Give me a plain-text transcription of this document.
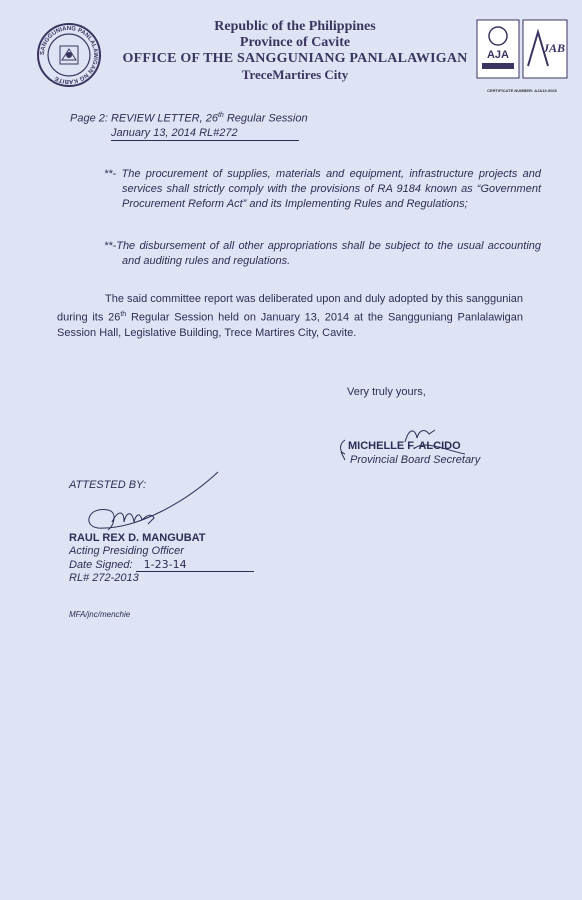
SANGGUNIANG PANLALAWIGAN NG KABITE
Republic of the Philippines
Province of Cavite
OFFICE OF THE SANGGUNIANG PANLALAWIGAN
TreceMartires City
AJA	JAB
CERTIFICATE NUMBER: AJA13-0026
Page 2: REVIEW LETTER, 26th Regular Session
January 13, 2014 RL#272
**- The procurement of supplies, materials and equipment, infrastructure projects and services shall strictly comply with the provisions of RA 9184 known as “Government Procurement Reform Act” and its Implementing Rules and Regulations;
**-The disbursement of all other appropriations shall be subject to the usual accounting and auditing rules and regulations.
The said committee report was deliberated upon and duly adopted by this sanggunian during its 26th Regular Session held on January 13, 2014 at the Sangguniang Panlalawigan Session Hall, Legislative Building, Trece Martires City, Cavite.
Very truly yours,
MICHELLE F. ALCIDO
Provincial Board Secretary
ATTESTED BY:
RAUL REX D. MANGUBAT
Acting Presiding Officer
Date Signed: 1-23-14
RL# 272-2013
MFA/jnc/menchie
